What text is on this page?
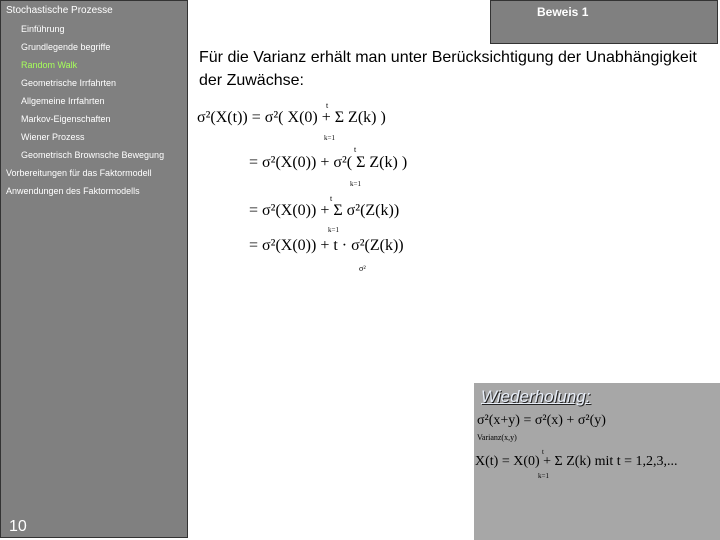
Stochastische Prozesse
Einführung
Grundlegende begriffe
Random Walk
Geometrische Irrfahrten
Allgemeine Irrfahrten
Markov-Eigenschaften
Wiener Prozess
Geometrisch Brownsche Bewegung
Vorbereitungen für das Faktormodell
Anwendungen des Faktormodells
10
Beweis 1
Für die Varianz erhält man unter Berücksichtigung der Unabhängigkeit der Zuwächse:
σ²(X(t)) = σ²( X(0) + Σ Z(k) )
t
k=1
= σ²(X(0)) + σ²( Σ Z(k) )
t
k=1
= σ²(X(0)) + Σ σ²(Z(k))
t
k=1
= σ²(X(0)) + t · σ²(Z(k))
σ²
Wiederholung:
σ²(x+y) = σ²(x) + σ²(y)
Varianz(x,y)
X(t) = X(0) + Σ Z(k) mit t = 1,2,3,...
t
k=1
